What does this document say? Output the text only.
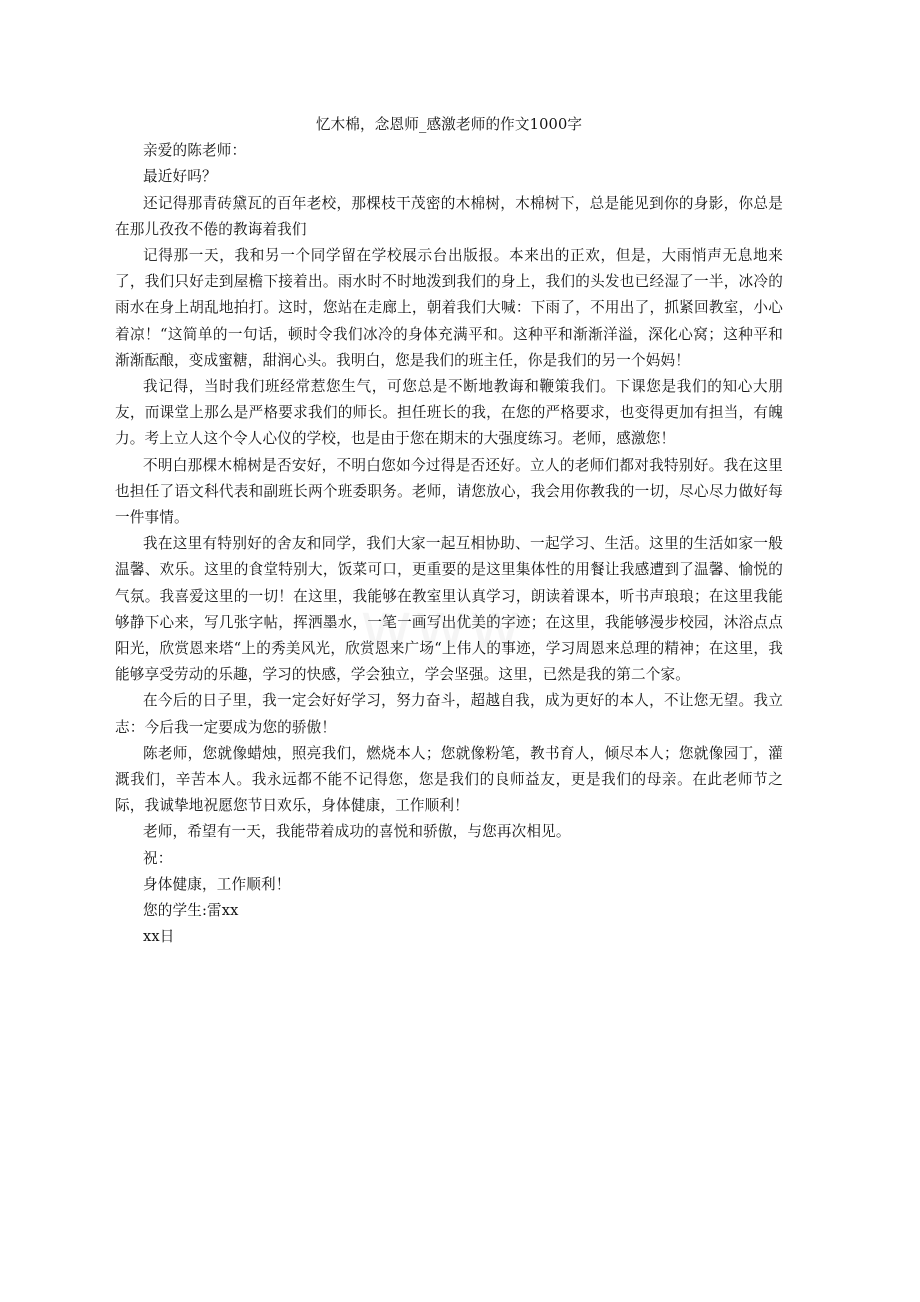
忆木棉，念恩师_感激老师的作文1000字

亲爱的陈老师：

最近好吗？

还记得那青砖黛瓦的百年老校，那棵枝干茂密的木棉树，木棉树下，总是能见到你的身影，你总是在那儿孜孜不倦的教诲着我们

记得那一天，我和另一个同学留在学校展示台出版报。本来出的正欢，但是，大雨悄声无息地来了，我们只好走到屋檐下接着出。雨水时不时地泼到我们的身上，我们的头发也已经湿了一半，冰冷的雨水在身上胡乱地拍打。这时，您站在走廊上，朝着我们大喊：下雨了，不用出了，抓紧回教室，小心着凉！“这简单的一句话，顿时令我们冰冷的身体充满平和。这种平和渐渐洋溢，深化心窝；这种平和渐渐酝酿，变成蜜糖，甜润心头。我明白，您是我们的班主任，你是我们的另一个妈妈！

我记得，当时我们班经常惹您生气，可您总是不断地教诲和鞭策我们。下课您是我们的知心大朋友，而课堂上那么是严格要求我们的师长。担任班长的我，在您的严格要求，也变得更加有担当，有魄力。考上立人这个令人心仪的学校，也是由于您在期末的大强度练习。老师，感激您！

不明白那棵木棉树是否安好，不明白您如今过得是否还好。立人的老师们都对我特别好。我在这里也担任了语文科代表和副班长两个班委职务。老师，请您放心，我会用你教我的一切，尽心尽力做好每一件事情。

我在这里有特别好的舍友和同学，我们大家一起互相协助、一起学习、生活。这里的生活如家一般温馨、欢乐。这里的食堂特别大，饭菜可口，更重要的是这里集体性的用餐让我感遭到了温馨、愉悦的气氛。我喜爱这里的一切！在这里，我能够在教室里认真学习，朗读着课本，听书声琅琅；在这里我能够静下心来，写几张字帖，挥洒墨水，一笔一画写出优美的字迹；在这里，我能够漫步校园，沐浴点点阳光，欣赏恩来塔“上的秀美风光，欣赏恩来广场“上伟人的事迹，学习周恩来总理的精神；在这里，我能够享受劳动的乐趣，学习的快感，学会独立，学会坚强。这里，已然是我的第二个家。

在今后的日子里，我一定会好好学习，努力奋斗，超越自我，成为更好的本人，不让您无望。我立志：今后我一定要成为您的骄傲！

陈老师，您就像蜡烛，照亮我们，燃烧本人；您就像粉笔，教书育人，倾尽本人；您就像园丁，灌溉我们，辛苦本人。我永远都不能不记得您，您是我们的良师益友，更是我们的母亲。在此老师节之际，我诚挚地祝愿您节日欢乐，身体健康，工作顺利！

老师，希望有一天，我能带着成功的喜悦和骄傲，与您再次相见。

祝：

身体健康，工作顺利！

您的学生:雷xx

xx日
